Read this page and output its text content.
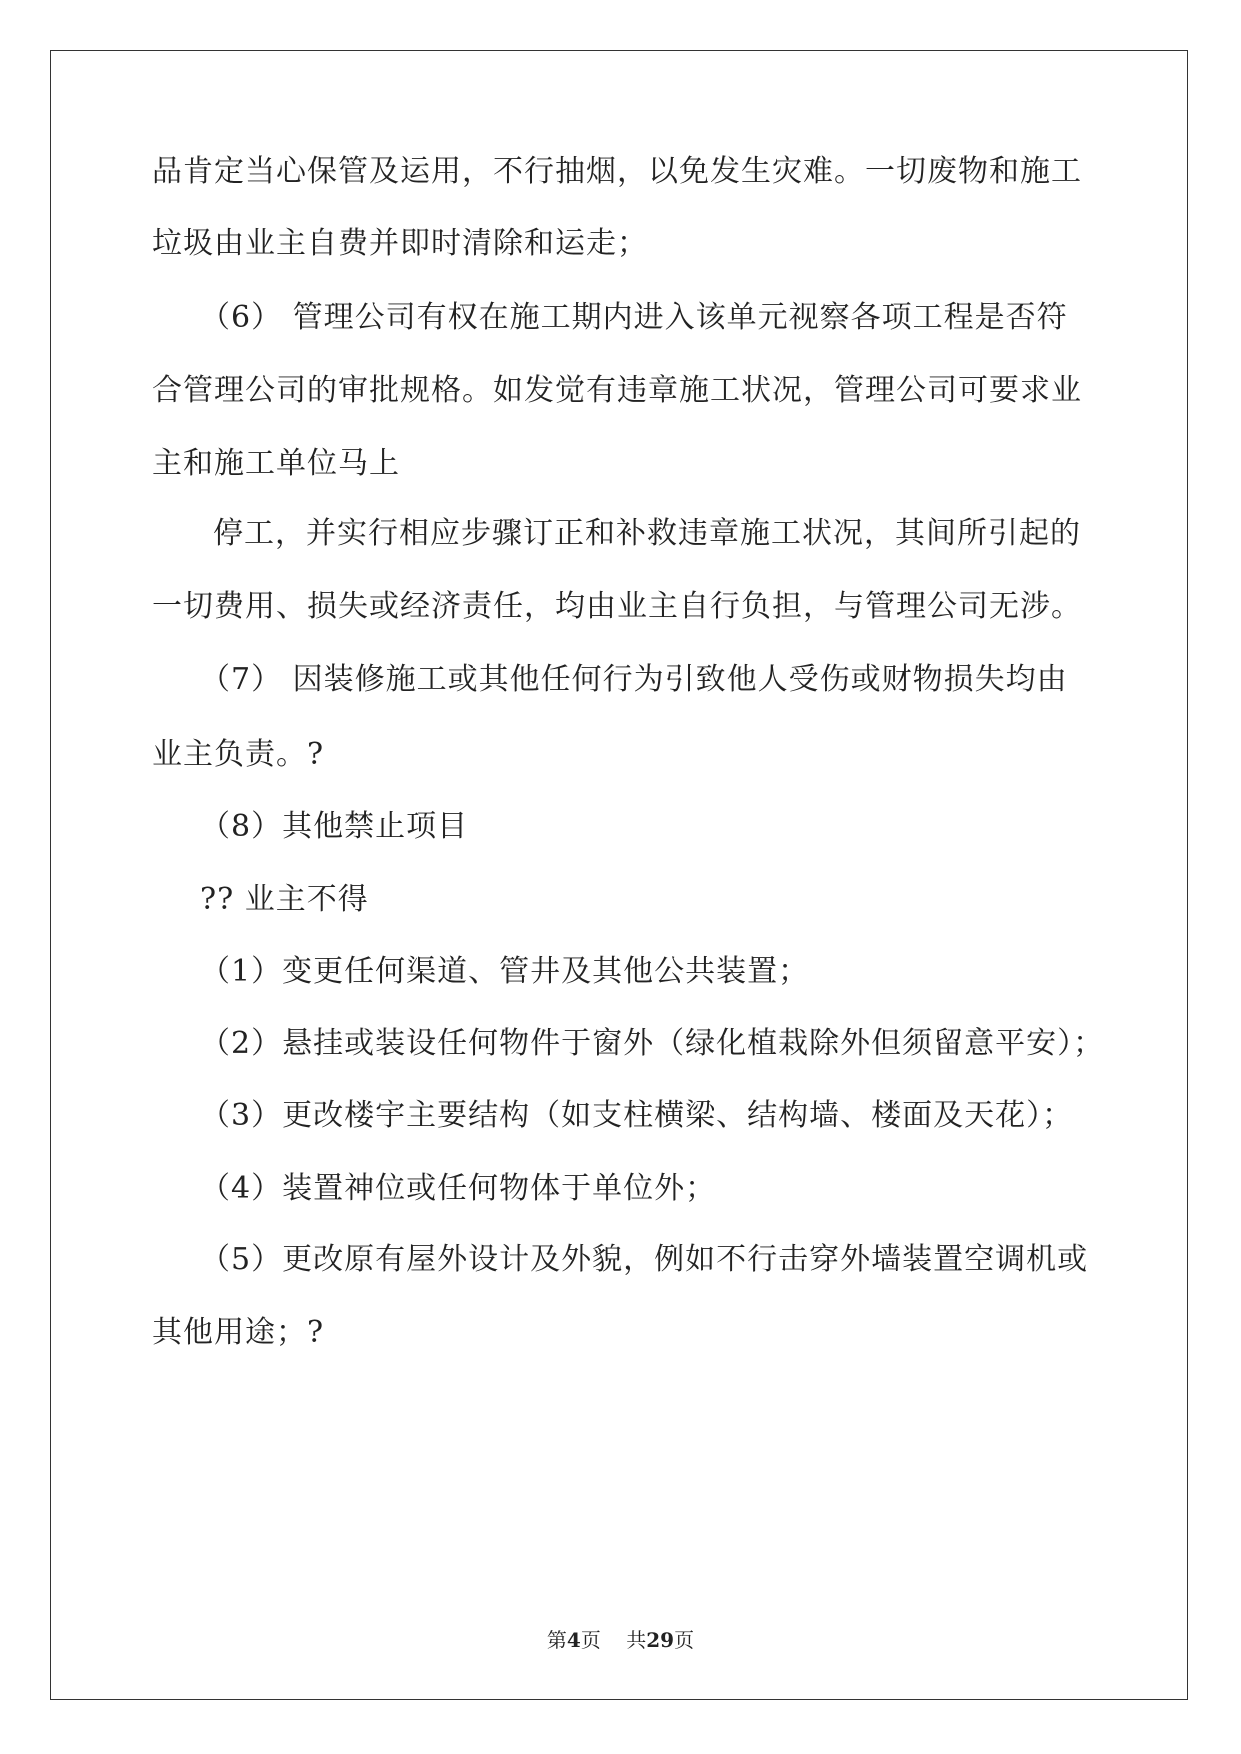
品肯定当心保管及运用，不行抽烟，以免发生灾难。一切废物和施工
垃圾由业主自费并即时清除和运走；
（6） 管理公司有权在施工期内进入该单元视察各项工程是否符
合管理公司的审批规格。如发觉有违章施工状况，管理公司可要求业
主和施工单位马上
停工，并实行相应步骤订正和补救违章施工状况，其间所引起的
一切费用、损失或经济责任，均由业主自行负担，与管理公司无涉。
（7） 因装修施工或其他任何行为引致他人受伤或财物损失均由
业主负责。?
（8）其他禁止项目
?? 业主不得
（1）变更任何渠道、管井及其他公共装置；
（2）悬挂或装设任何物件于窗外（绿化植栽除外但须留意平安）；
（3）更改楼宇主要结构（如支柱横梁、结构墙、楼面及天花）；
（4）装置神位或任何物体于单位外；
（5）更改原有屋外设计及外貌，例如不行击穿外墙装置空调机或
其他用途；?
第4页 共29页
